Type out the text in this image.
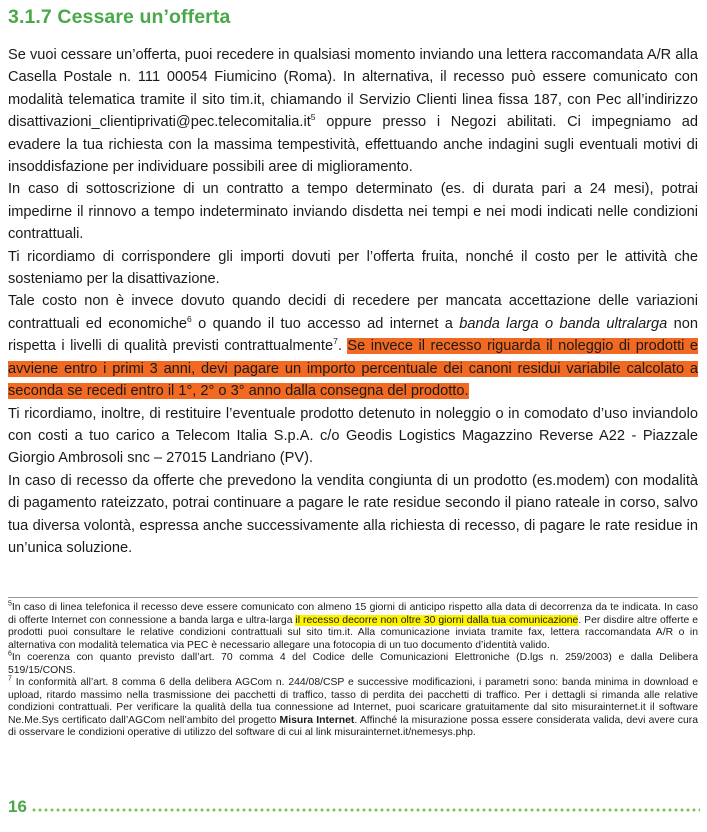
3.1.7 Cessare un’offerta

Se vuoi cessare un’offerta, puoi recedere in qualsiasi momento inviando una lettera raccomandata A/R alla Casella Postale n. 111 00054 Fiumicino (Roma). In alternativa, il recesso può essere comunicato con modalità telematica tramite il sito tim.it, chiamando il Servizio Clienti linea fissa 187, con Pec all’indirizzo $disattivazioni\_clientiprivati@pec.telecomitalia.it^5$ oppure presso i Negozi abilitati. Ci impegniamo ad evadere la tua richiesta con la massima tempestività, effettuando anche indagini sugli eventuali motivi di insoddisfazione per individuare possibili aree di miglioramento.

In caso di sottoscrizione di un contratto a tempo determinato (es. di durata pari a 24 mesi), potrai impedirne il rinnovo a tempo indeterminato inviando disdetta nei tempi e nei modi indicati nelle condizioni contrattuali.

Ti ricordiamo di corrispondere gli importi dovuti per l’offerta fruita, nonché il costo per le attività che sosteniamo per la disattivazione.

Tale costo non è invece dovuto quando decidi di recedere per mancata accettazione delle variazioni contrattuali ed economiche$^6$ o quando il tuo accesso ad internet a banda larga o banda ultralarga non rispetta i livelli di qualità previsti contrattualmente$^7$. Se invece il recesso riguarda il noleggio di prodotti e avviene entro i primi 3 anni, devi pagare un importo percentuale dei canoni residui variabile calcolato a seconda se recedi entro il 1°, 2° o 3° anno dalla consegna del prodotto.

Ti ricordiamo, inoltre, di restituire l’eventuale prodotto detenuto in noleggio o in comodato d’uso inviandolo con costi a tuo carico a Telecom Italia S.p.A. c/o Geodis Logistics Magazzino Reverse A22 - Piazzale Giorgio Ambrosoli snc – 27015 Landriano (PV).

In caso di recesso da offerte che prevedono la vendita congiunta di un prodotto (es.modem) con modalità di pagamento rateizzato, potrai continuare a pagare le rate residue secondo il piano rateale in corso, salvo tua diversa volontà, espressa anche successivamente alla richiesta di recesso, di pagare le rate residue in un’unica soluzione.

$^5$In caso di linea telefonica il recesso deve essere comunicato con almeno 15 giorni di anticipo rispetto alla data di decorrenza da te indicata. In caso di offerte Internet con connessione a banda larga e ultra-larga il recesso decorre non oltre 30 giorni dalla tua comunicazione. Per disdire altre offerte e prodotti puoi consultare le relative condizioni contrattuali sul sito tim.it. Alla comunicazione inviata tramite fax, lettera raccomandata A/R o in alternativa con modalità telematica via PEC è necessario allegare una fotocopia di un tuo documento d’identità valido.

$^6$In coerenza con quanto previsto dall’art. 70 comma 4 del Codice delle Comunicazioni Elettroniche (D.lgs n. 259/2003) e dalla Delibera 519/15/CONS.

$^7$ In conformità all’art. 8 comma 6 della delibera AGCom n. 244/08/CSP e successive modificazioni, i parametri sono: banda minima in download e upload, ritardo massimo nella trasmissione dei pacchetti di traffico, tasso di perdita dei pacchetti di traffico. Per i dettagli si rimanda alle relative condizioni contrattuali. Per verificare la qualità della tua connessione ad Internet, puoi scaricare gratuitamente dal sito misurainternet.it il software Ne.Me.Sys certificato dall’AGCom nell’ambito del progetto Misura Internet. Affinché la misurazione possa essere considerata valida, devi avere cura di osservare le condizioni operative di utilizzo del software di cui al link misurainternet.it/nemesys.php.

16
